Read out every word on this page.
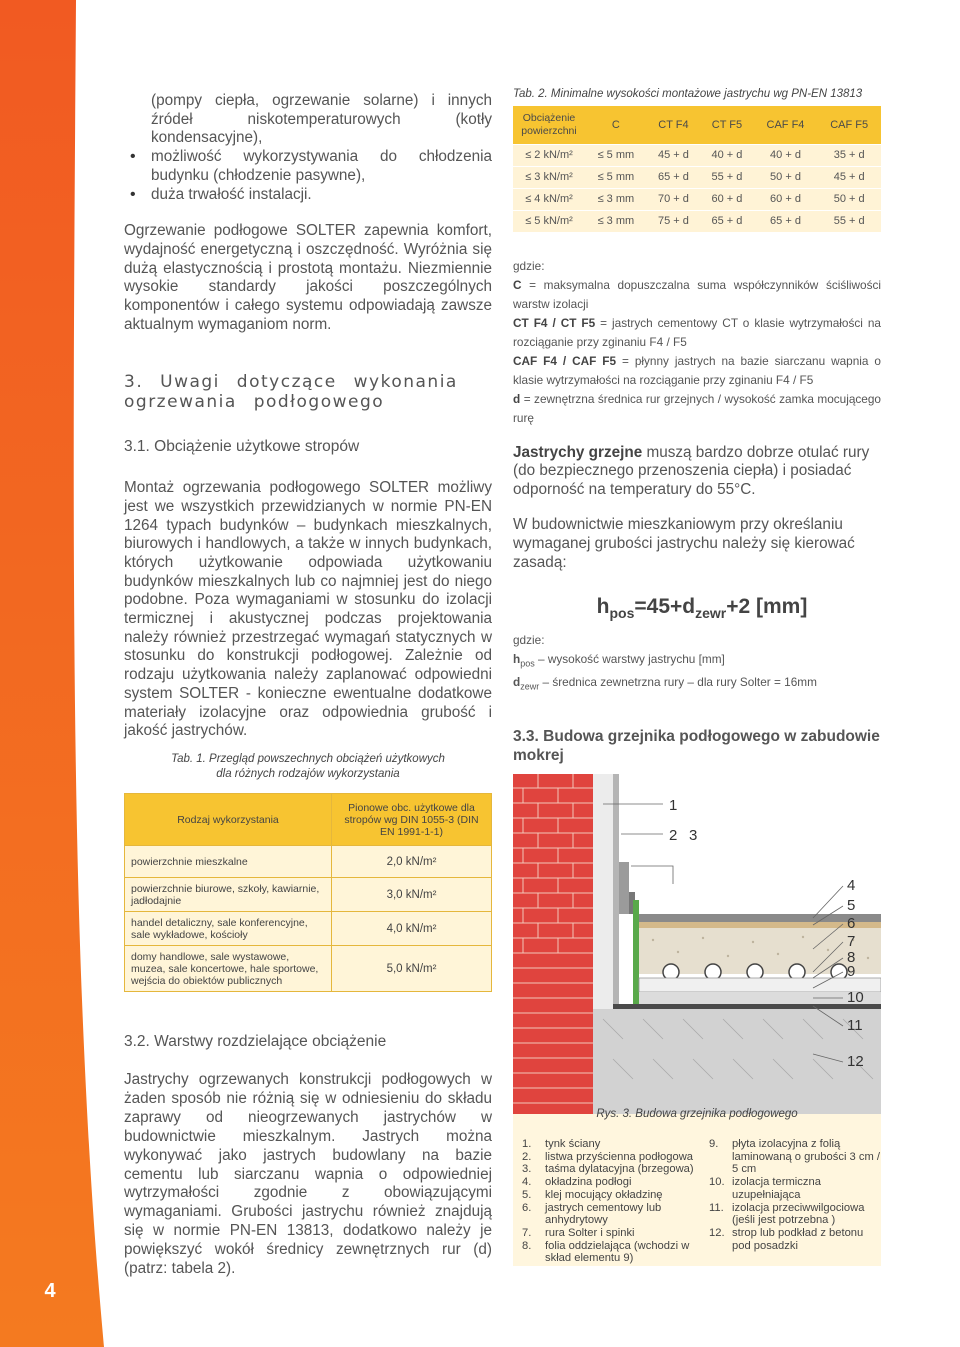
4

(pompy ciepła, ogrzewanie solarne) i innych źródeł niskotemperaturowych (kotły kondensacyjne),

• możliwość wykorzystywania do chłodzenia budynku (chłodzenie pasywne),
• duża trwałość instalacji.

Ogrzewanie podłogowe SOLTER zapewnia komfort, wydajność energetyczną i oszczędność. Wyróżnia się dużą elastycznością i prostotą montażu. Niezmiennie wysokie standardy jakości poszczególnych komponentów i całego systemu odpowiadają zawsze aktualnym wymaganiom norm.

3. Uwagi dotyczące wykonania ogrzewania podłogowego
3.1. Obciążenie użytkowe stropów

Montaż ogrzewania podłogowego SOLTER możliwy jest we wszystkich przewidzianych w normie PN-EN 1264 typach budynków – budynkach mieszkalnych, biurowych i handlowych, a także w innych budynkach, których użytkowanie odpowiada użytkowaniu budynków mieszkalnych lub co najmniej jest do niego podobne. Poza wymaganiami w stosunku do izolacji termicznej i akustycznej podczas projektowania należy również przestrzegać wymagań statycznych w stosunku do konstrukcji podłogowej. Zależnie od rodzaju użytkowania należy zaplanować odpowiedni system SOLTER - konieczne ewentualne dodatkowe materiały izolacyjne oraz odpowiednia grubość i jakość jastrychów.

Tab. 1. Przegląd powszechnych obciążeń użytkowych
dla różnych rodzajów wykorzystania
Rodzaj wykorzystania	Pionowe obc. użytkowe dla stropów wg DIN 1055-3 (DIN EN 1991-1-1)
powierzchnie mieszkalne	2,0 kN/m²
powierzchnie biurowe, szkoły, kawiarnie, jadłodajnie	3,0 kN/m²
handel detaliczny, sale konferencyjne, sale wykładowe, kościoły	4,0 kN/m²
domy handlowe, sale wystawowe, muzea, sale koncertowe, hale sportowe, wejścia do obiektów publicznych	5,0 kN/m²
3.2. Warstwy rozdzielające obciążenie

Jastrychy ogrzewanych konstrukcji podłogowych w żaden sposób nie różnią się w odniesieniu do składu zaprawy od nieogrzewanych jastrychów w budownictwie mieszkalnym. Jastrych można wykonywać jako jastrych budowlany na bazie cementu lub siarczanu wapnia o odpowiedniej wytrzymałości zgodnie z obowiązującymi wymaganiami. Grubości jastrychu również znajdują się w normie PN-EN 13813, dodatkowo należy je powiększyć wokół średnicy zewnętrznych rur (d) (patrz: tabela 2).

Tab. 2. Minimalne wysokości montażowe jastrychu wg PN-EN 13813
Obciążenie powierzchni	C	CT F4	CT F5	CAF F4	CAF F5
≤ 2 kN/m²	≤ 5 mm	45 + d	40 + d	40 + d	35 + d
≤ 3 kN/m²	≤ 5 mm	65 + d	55 + d	50 + d	45 + d
≤ 4 kN/m²	≤ 3 mm	70 + d	60 + d	60 + d	50 + d
≤ 5 kN/m²	≤ 3 mm	75 + d	65 + d	65 + d	55 + d
gdzie:
C = maksymalna dopuszczalna suma współczynników ściśliwości warstw izolacji
CT F4 / CT F5 = jastrych cementowy CT o klasie wytrzymałości na rozciąganie przy zginaniu F4 / F5
CAF F4 / CAF F5 = płynny jastrych na bazie siarczanu wapnia o klasie wytrzymałości na rozciąganie przy zginaniu F4 / F5
d = zewnętrzna średnica rur grzejnych / wysokość zamka mocującego rurę

Jastrychy grzejne muszą bardzo dobrze otulać rury (do bezpiecznego przenoszenia ciepła) i posiadać odporność na temperatury do 55°C.

W budownictwie mieszkaniowym przy określaniu wymaganej grubości jastrychu należy się kierować zasadą:

$h_{pos}=45+d_{zewr}+2$ [mm]
gdzie:
$h_{pos}$ – wysokość warstwy jastrychu [mm]
$d_{zewr}$ – średnica zewnetrzna rury – dla rury Solter = 16mm
3.3. Budowa grzejnika podłogowego w zabudowie mokrej
1
2 3
4
5
6
7
8
9
10
11
12
Rys. 3. Budowa grzejnika podłogowego
1.	tynk ściany
2.	listwa przyścienna podłogowa
3.	taśma dylatacyjna (brzegowa)
4.	okładzina podłogi
5.	klej mocujący okładzinę
6.	jastrych cementowy lub anhydrytowy
7.	rura Solter i spinki
8.	folia oddzielająca (wchodzi w skład elementu 9)
9.	płyta izolacyjna z folią laminowaną o grubości 3 cm / 5 cm
10. izolacja termiczna uzupełniająca
11. izolacja przeciwwilgociowa (jeśli jest potrzebna )
12. strop lub podkład z betonu pod posadzki
